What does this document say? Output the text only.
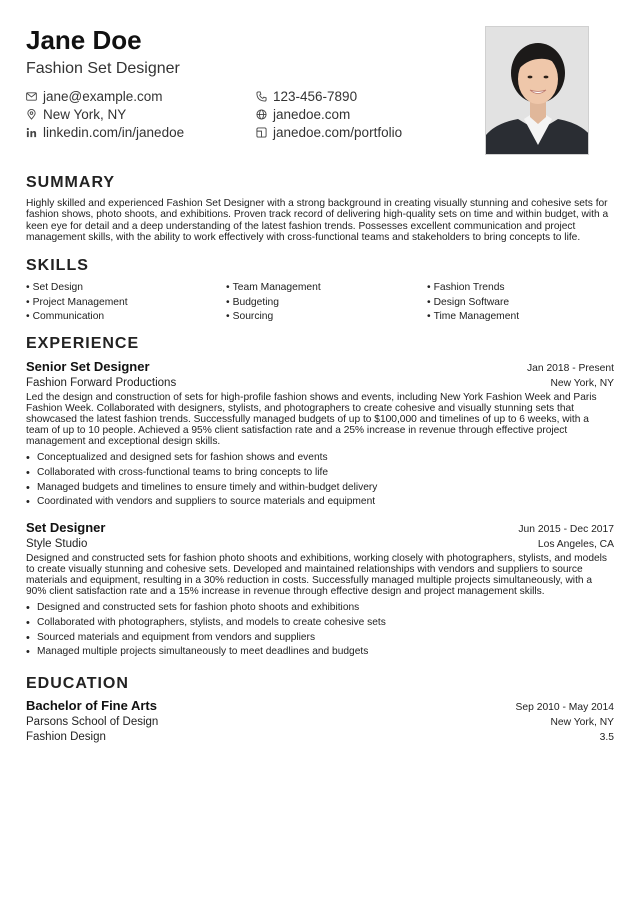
Jane Doe
Fashion Set Designer
jane@example.com	123-456-7890
New York, NY	janedoe.com
linkedin.com/in/janedoe	janedoe.com/portfolio
SUMMARY
Highly skilled and experienced Fashion Set Designer with a strong background in creating visually stunning and cohesive sets for fashion shows, photo shoots, and exhibitions. Proven track record of delivering high-quality sets on time and within budget, with a keen eye for detail and a deep understanding of the latest fashion trends. Possesses excellent communication and project management skills, with the ability to work effectively with cross-functional teams and stakeholders to bring concepts to life.
SKILLS
• Set Design	• Team Management	• Fashion Trends
• Project Management	• Budgeting	• Design Software
• Communication	• Sourcing	• Time Management
EXPERIENCE
Senior Set Designer	Jan 2018 - Present
Fashion Forward Productions	New York, NY
Led the design and construction of sets for high-profile fashion shows and events, including New York Fashion Week and Paris Fashion Week. Collaborated with designers, stylists, and photographers to create cohesive and visually stunning sets that showcased the latest fashion trends. Successfully managed budgets of up to $100,000 and timelines of up to 6 weeks, with a team of up to 10 people. Achieved a 95% client satisfaction rate and a 25% increase in revenue through effective project management and exceptional design skills.
• Conceptualized and designed sets for fashion shows and events
• Collaborated with cross-functional teams to bring concepts to life
• Managed budgets and timelines to ensure timely and within-budget delivery
• Coordinated with vendors and suppliers to source materials and equipment
Set Designer	Jun 2015 - Dec 2017
Style Studio	Los Angeles, CA
Designed and constructed sets for fashion photo shoots and exhibitions, working closely with photographers, stylists, and models to create visually stunning and cohesive sets. Developed and maintained relationships with vendors and suppliers to source materials and equipment, resulting in a 30% reduction in costs. Successfully managed multiple projects simultaneously, with a 90% client satisfaction rate and a 15% increase in revenue through effective design and project management skills.
• Designed and constructed sets for fashion photo shoots and exhibitions
• Collaborated with photographers, stylists, and models to create cohesive sets
• Sourced materials and equipment from vendors and suppliers
• Managed multiple projects simultaneously to meet deadlines and budgets
EDUCATION
Bachelor of Fine Arts	Sep 2010 - May 2014
Parsons School of Design	New York, NY
Fashion Design	3.5
